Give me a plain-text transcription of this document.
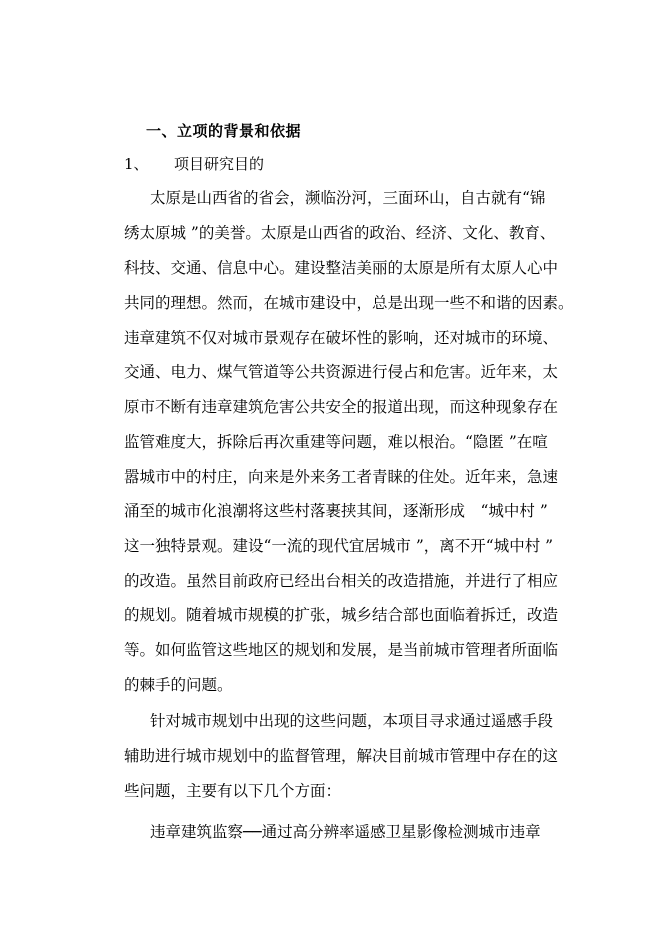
一、立项的背景和依据
1、 项目研究目的
太原是山西省的省会，濒临汾河，三面环山，自古就有“锦
绣太原城 ”的美誉。太原是山西省的政治、经济、文化、教育、
科技、交通、信息中心。建设整洁美丽的太原是所有太原人心中
共同的理想。然而，在城市建设中，总是出现一些不和谐的因素。
违章建筑不仅对城市景观存在破坏性的影响，还对城市的环境、
交通、电力、煤气管道等公共资源进行侵占和危害。近年来，太
原市不断有违章建筑危害公共安全的报道出现，而这种现象存在
监管难度大，拆除后再次重建等问题，难以根治。“隐匿 ”在喧
嚣城市中的村庄，向来是外来务工者青睐的住处。近年来，急速
涌至的城市化浪潮将这些村落裹挟其间，逐渐形成　“城中村 ”
这一独特景观。建设“一流的现代宜居城市 ”，离不开“城中村 ”
的改造。虽然目前政府已经出台相关的改造措施，并进行了相应
的规划。随着城市规模的扩张，城乡结合部也面临着拆迁，改造
等。如何监管这些地区的规划和发展，是当前城市管理者所面临
的棘手的问题。
针对城市规划中出现的这些问题，本项目寻求通过遥感手段
辅助进行城市规划中的监督管理，解决目前城市管理中存在的这
些问题，主要有以下几个方面：
违章建筑监察──通过高分辨率遥感卫星影像检测城市违章
